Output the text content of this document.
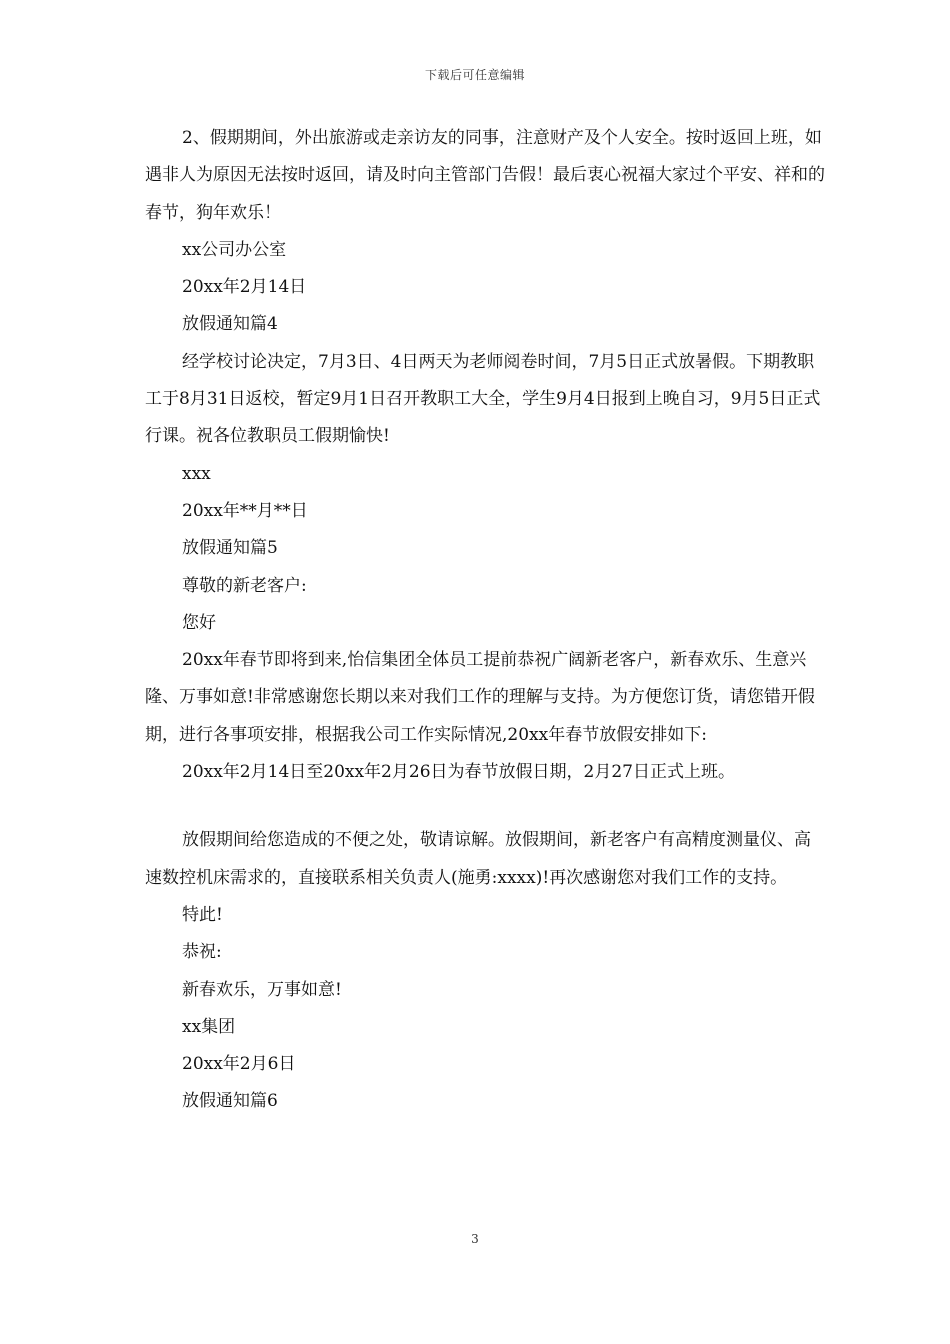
下载后可任意编辑

2、假期期间，外出旅游或走亲访友的同事，注意财产及个人安全。按时返回上班，如遇非人为原因无法按时返回，请及时向主管部门告假！最后衷心祝福大家过个平安、祥和的春节，狗年欢乐！

xx公司办公室

20xx年2月14日

放假通知篇4

经学校讨论决定，7月3日、4日两天为老师阅卷时间，7月5日正式放暑假。下期教职工于8月31日返校，暂定9月1日召开教职工大全，学生9月4日报到上晚自习，9月5日正式行课。祝各位教职员工假期愉快!

xxx

20xx年**月**日

放假通知篇5

尊敬的新老客户:

您好

20xx年春节即将到来,怡信集团全体员工提前恭祝广阔新老客户，新春欢乐、生意兴隆、万事如意!非常感谢您长期以来对我们工作的理解与支持。为方便您订货，请您错开假期，进行各事项安排，根据我公司工作实际情况,20xx年春节放假安排如下:

20xx年2月14日至20xx年2月26日为春节放假日期，2月27日正式上班。

放假期间给您造成的不便之处，敬请谅解。放假期间，新老客户有高精度测量仪、高速数控机床需求的，直接联系相关负责人(施勇:xxxx)!再次感谢您对我们工作的支持。

特此!

恭祝:

新春欢乐，万事如意!

xx集团

20xx年2月6日

放假通知篇6

3
